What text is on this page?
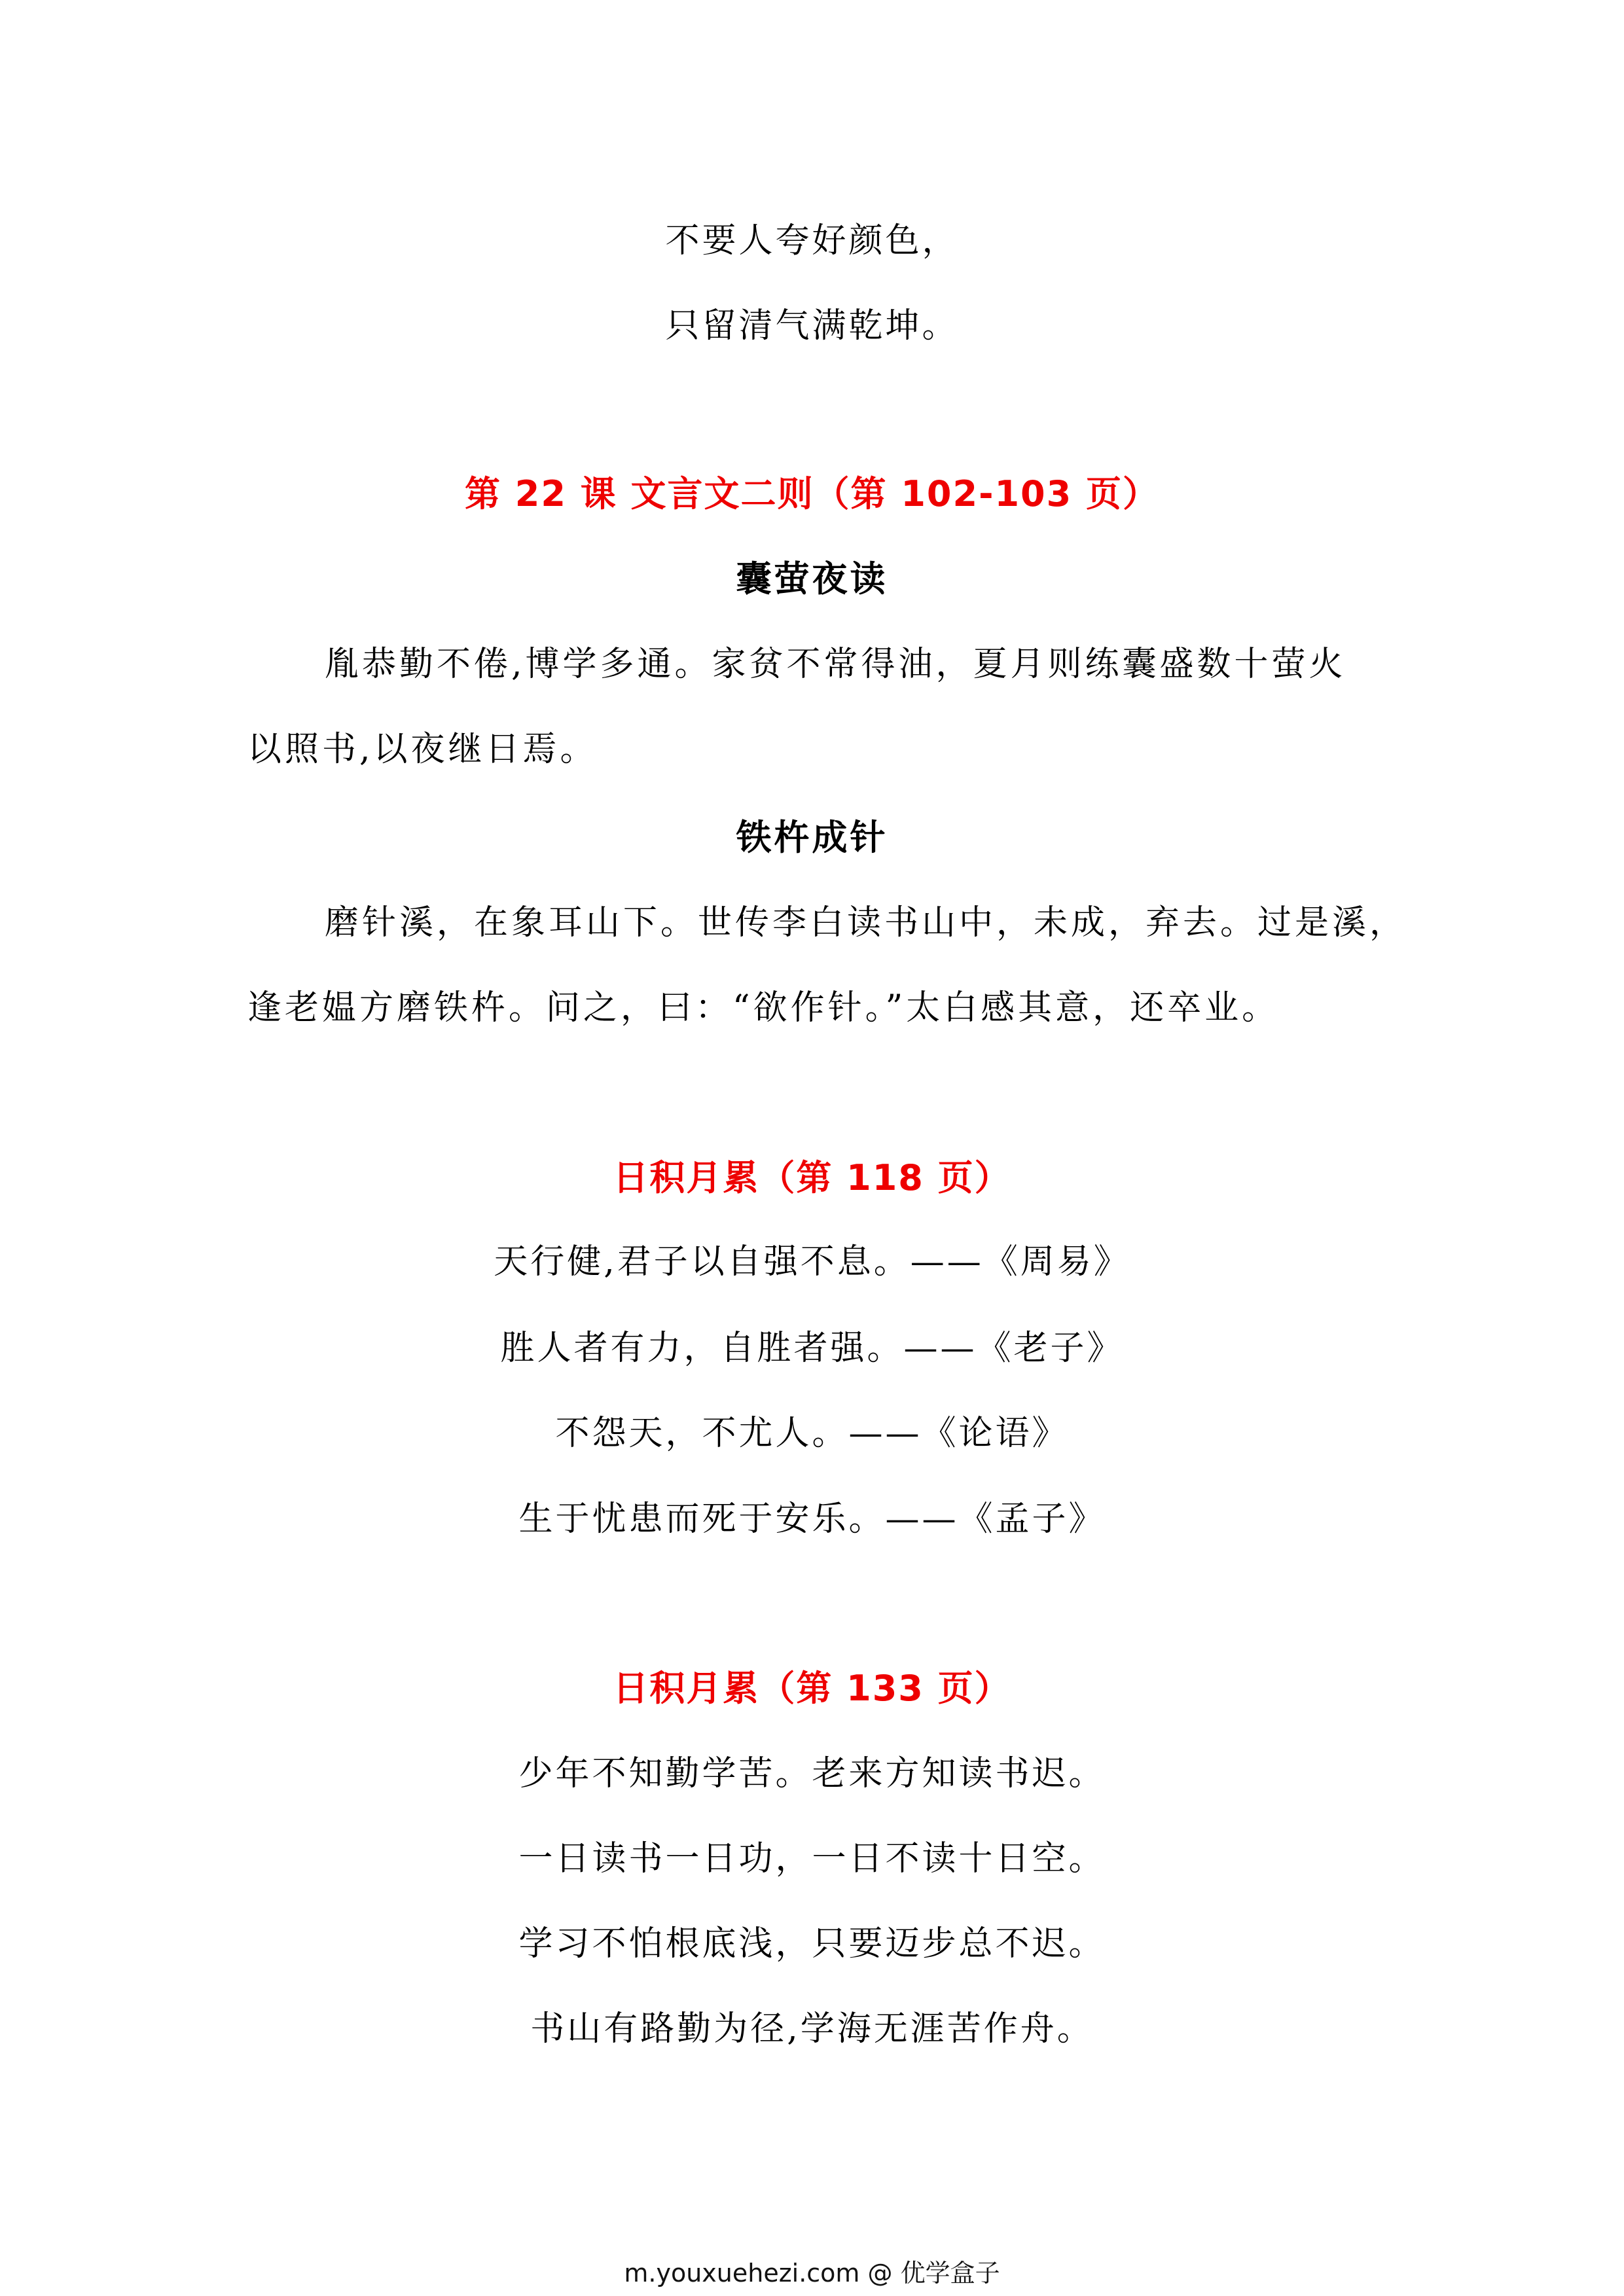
不要人夸好颜色，
只留清气满乾坤。
第 22 课 文言文二则（第 102-103 页）
囊萤夜读
胤恭勤不倦,博学多通。家贫不常得油，夏月则练囊盛数十萤火
以照书,以夜继日焉。
铁杵成针
磨针溪，在象耳山下。世传李白读书山中，未成，弃去。过是溪，
逢老媪方磨铁杵。问之，曰：“欲作针。”太白感其意，还卒业。
日积月累（第 118 页）
天行健,君子以自强不息。——《周易》
胜人者有力，自胜者强。——《老子》
不怨天，不尤人。——《论语》
生于忧患而死于安乐。——《孟子》
日积月累（第 133 页）
少年不知勤学苦。老来方知读书迟。
一日读书一日功，一日不读十日空。
学习不怕根底浅，只要迈步总不迟。
书山有路勤为径,学海无涯苦作舟。
m.youxuehezi.com @ 优学盒子
